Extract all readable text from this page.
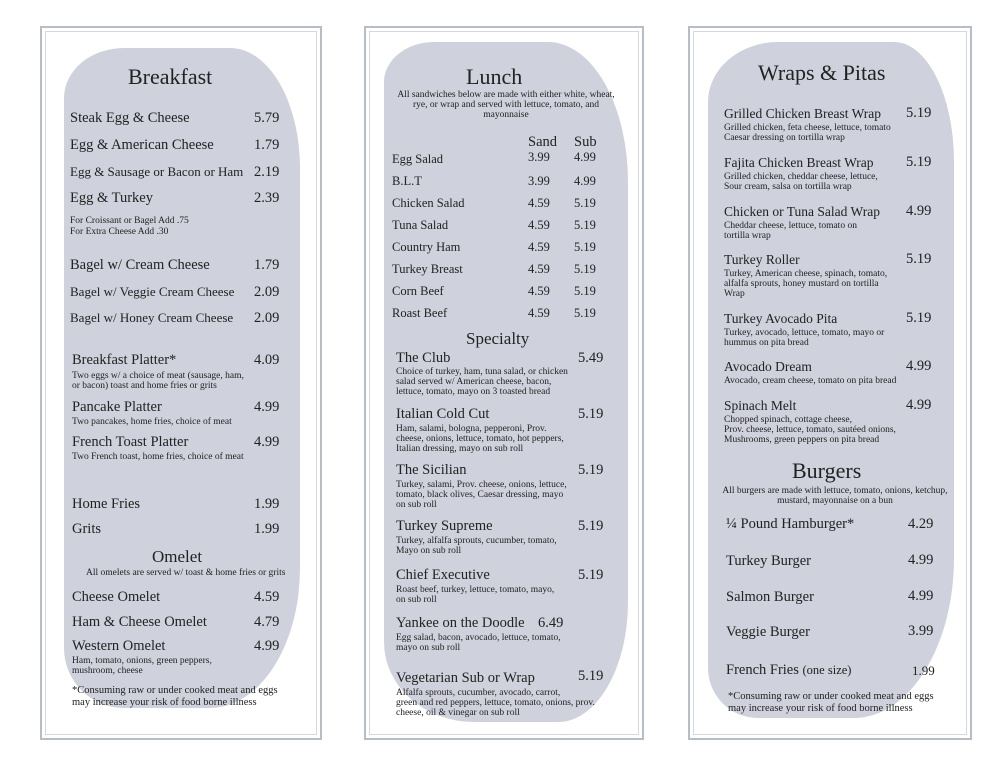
Breakfast
Steak Egg & Cheese	5.79
Egg & American Cheese	1.79
Egg & Sausage or Bacon or Ham 2.19
Egg & Turkey	2.39
For Croissant or Bagel Add .75
For Extra Cheese Add .30
Bagel w/ Cream Cheese	1.79
Bagel w/ Veggie Cream Cheese 2.09
Bagel w/ Honey Cream Cheese 2.09
Breakfast Platter*	4.09
Two eggs w/ a choice of meat (sausage, ham,
or bacon) toast and home fries or grits
Pancake Platter	4.99
Two pancakes, home fries, choice of meat
French Toast Platter	4.99
Two French toast, home fries, choice of meat
Home Fries	1.99
Grits	1.99
Omelet
All omelets are served w/ toast & home fries or grits
Cheese Omelet	4.59
Ham & Cheese Omelet	4.79
Western Omelet	4.99
Ham, tomato, onions, green peppers,
mushroom, cheese
*Consuming raw or under cooked meat and eggs
may increase your risk of food borne illness
Lunch
All sandwiches below are made with either white, wheat,
rye, or wrap and served with lettuce, tomato, and
mayonnaise
Sand Sub
Egg Salad	3.99 4.99
B.L.T	3.99 4.99
Chicken Salad	4.59 5.19
Tuna Salad	4.59 5.19
Country Ham	4.59 5.19
Turkey Breast	4.59 5.19
Corn Beef	4.59 5.19
Roast Beef	4.59 5.19
Specialty
The Club	5.49
Choice of turkey, ham, tuna salad, or chicken
salad served w/ American cheese, bacon,
lettuce, tomato, mayo on 3 toasted bread
Italian Cold Cut	5.19
Ham, salami, bologna, pepperoni, Prov.
cheese, onions, lettuce, tomato, hot peppers,
Italian dressing, mayo on sub roll
The Sicilian	5.19
Turkey, salami, Prov. cheese, onions, lettuce,
tomato, black olives, Caesar dressing, mayo
on sub roll
Turkey Supreme	5.19
Turkey, alfalfa sprouts, cucumber, tomato,
Mayo on sub roll
Chief Executive	5.19
Roast beef, turkey, lettuce, tomato, mayo,
on sub roll
Yankee on the Doodle 6.49
Egg salad, bacon, avocado, lettuce, tomato,
mayo on sub roll
Vegetarian Sub or Wrap	5.19
Alfalfa sprouts, cucumber, avocado, carrot,
green and red peppers, lettuce, tomato, onions, prov.
cheese, oil & vinegar on sub roll
Wraps & Pitas
Grilled Chicken Breast Wrap 5.19
Grilled chicken, feta cheese, lettuce, tomato
Caesar dressing on tortilla wrap
Fajita Chicken Breast Wrap 5.19
Grilled chicken, cheddar cheese, lettuce,
Sour cream, salsa on tortilla wrap
Chicken or Tuna Salad Wrap 4.99
Cheddar cheese, lettuce, tomato on
tortilla wrap
Turkey Roller	5.19
Turkey, American cheese, spinach, tomato,
alfalfa sprouts, honey mustard on tortilla
Wrap
Turkey Avocado Pita	5.19
Turkey, avocado, lettuce, tomato, mayo or
hummus on pita bread
Avocado Dream	4.99
Avocado, cream cheese, tomato on pita bread
Spinach Melt	4.99
Chopped spinach, cottage cheese,
Prov. cheese, lettuce, tomato, sautéed onions,
Mushrooms, green peppers on pita bread
Burgers
All burgers are made with lettuce, tomato, onions, ketchup,
mustard, mayonnaise on a bun
¼ Pound Hamburger*	4.29
Turkey Burger	4.99
Salmon Burger	4.99
Veggie Burger	3.99
French Fries (one size)	1.99
*Consuming raw or under cooked meat and eggs
may increase your risk of food borne illness
